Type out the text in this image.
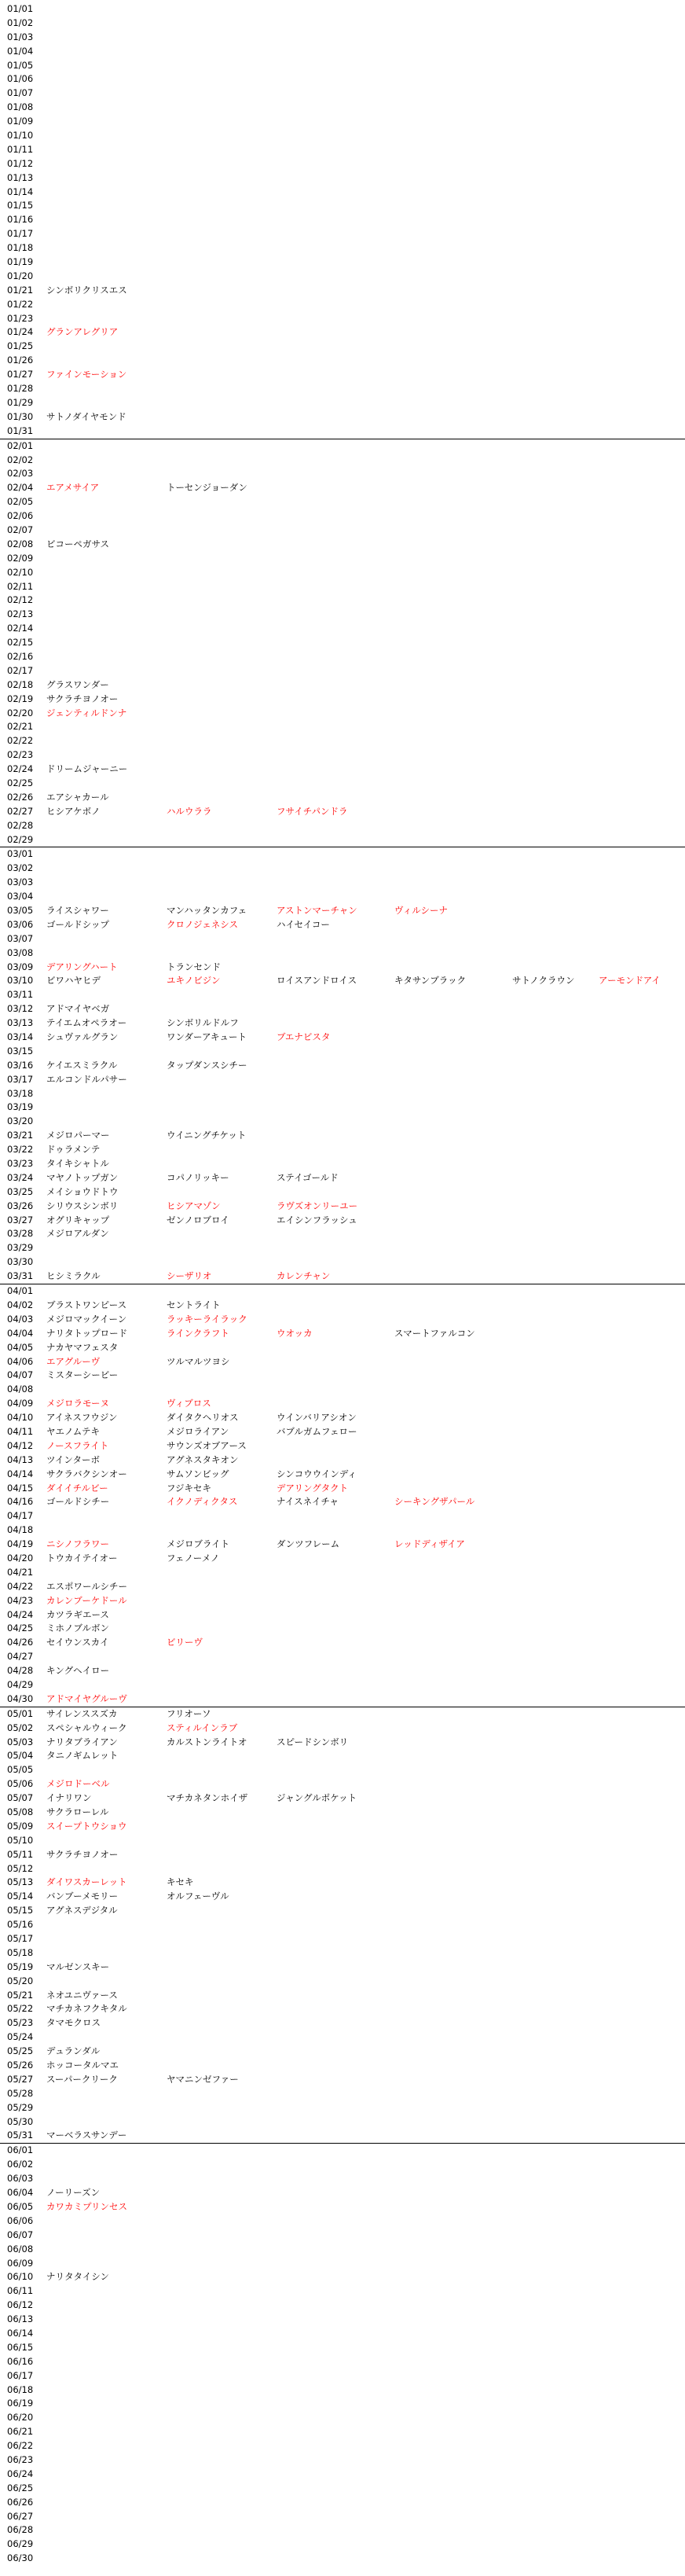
01/01
01/02
01/03
01/04
01/05
01/06
01/07
01/08
01/09
01/10
01/11
01/12
01/13
01/14
01/15
01/16
01/17
01/18
01/19
01/20
01/21 シンボリクリスエス
01/22
01/23
01/24 グランアレグリア
01/25
01/26
01/27 ファインモーション
01/28
01/29
01/30 サトノダイヤモンド
01/31
02/01
02/02
02/03
02/04 エアメサイア	トーセンジョーダン
02/05
02/06
02/07
02/08 ビコーペガサス
02/09
02/10
02/11
02/12
02/13
02/14
02/15
02/16
02/17
02/18 グラスワンダー
02/19 サクラチヨノオー
02/20 ジェンティルドンナ
02/21
02/22
02/23
02/24 ドリームジャーニー
02/25
02/26 エアシャカール
02/27 ヒシアケボノ	ハルウララ	フサイチパンドラ
02/28
02/29
03/01
03/02
03/03
03/04
03/05 ライスシャワー	マンハッタンカフェ	アストンマーチャン	ヴィルシーナ
03/06 ゴールドシップ	クロノジェネシス	ハイセイコー
03/07
03/08
03/09 デアリングハート	トランセンド
03/10 ビワハヤヒデ	ユキノビジン	ロイスアンドロイス	キタサンブラック	サトノクラウン	アーモンドアイ
03/11
03/12 アドマイヤベガ
03/13 テイエムオペラオー	シンボリルドルフ
03/14 シュヴァルグラン	ワンダーアキュート	ブエナビスタ
03/15
03/16 ケイエスミラクル	タップダンスシチー
03/17 エルコンドルパサー
03/18
03/19
03/20
03/21 メジロパーマー	ウイニングチケット
03/22 ドゥラメンテ
03/23 タイキシャトル
03/24 マヤノトップガン	コパノリッキー	ステイゴールド
03/25 メイショウドトウ
03/26 シリウスシンボリ	ヒシアマゾン	ラヴズオンリーユー
03/27 オグリキャップ	ゼンノロブロイ	エイシンフラッシュ
03/28 メジロアルダン
03/29
03/30
03/31 ヒシミラクル	シーザリオ	カレンチャン
04/01
04/02 ブラストワンピース	セントライト
04/03 メジロマックイーン	ラッキーライラック
04/04 ナリタトップロード	ラインクラフト	ウオッカ	スマートファルコン
04/05 ナカヤマフェスタ
04/06 エアグルーヴ	ツルマルツヨシ
04/07 ミスターシービー
04/08
04/09 メジロラモーヌ	ヴィブロス
04/10 アイネスフウジン	ダイタクヘリオス	ウインバリアシオン
04/11 ヤエノムテキ	メジロライアン	バブルガムフェロー
04/12 ノースフライト	サウンズオブアース
04/13 ツインターボ	アグネスタキオン
04/14 サクラバクシンオー	サムソンビッグ	シンコウウインディ
04/15 ダイイチルビー	フジキセキ	デアリングタクト
04/16 ゴールドシチー	イクノディクタス	ナイスネイチャ	シーキングザパール
04/17
04/18
04/19 ニシノフラワー	メジロブライト	ダンツフレーム	レッドディザイア
04/20 トウカイテイオー	フェノーメノ
04/21
04/22 エスポワールシチー
04/23 カレンブーケドール
04/24 カツラギエース
04/25 ミホノブルボン
04/26 セイウンスカイ	ビリーヴ
04/27
04/28 キングヘイロー
04/29
04/30 アドマイヤグルーヴ
05/01 サイレンススズカ	フリオーソ
05/02 スペシャルウィーク	スティルインラブ
05/03 ナリタブライアン	カルストンライトオ	スピードシンボリ
05/04 タニノギムレット
05/05
05/06 メジロドーベル
05/07 イナリワン	マチカネタンホイザ	ジャングルポケット
05/08 サクラローレル
05/09 スイープトウショウ
05/10
05/11 サクラチヨノオー
05/12
05/13 ダイワスカーレット	キセキ
05/14 バンブーメモリー	オルフェーヴル
05/15 アグネスデジタル
05/16
05/17
05/18
05/19 マルゼンスキー
05/20
05/21 ネオユニヴァース
05/22 マチカネフクキタル
05/23 タマモクロス
05/24
05/25 デュランダル
05/26 ホッコータルマエ
05/27 スーパークリーク	ヤマニンゼファー
05/28
05/29
05/30
05/31 マーベラスサンデー
06/01
06/02
06/03
06/04 ノーリーズン
06/05 カワカミプリンセス
06/06
06/07
06/08
06/09
06/10 ナリタタイシン
06/11
06/12
06/13
06/14
06/15
06/16
06/17
06/18
06/19
06/20
06/21
06/22
06/23
06/24
06/25
06/26
06/27
06/28
06/29
06/30
